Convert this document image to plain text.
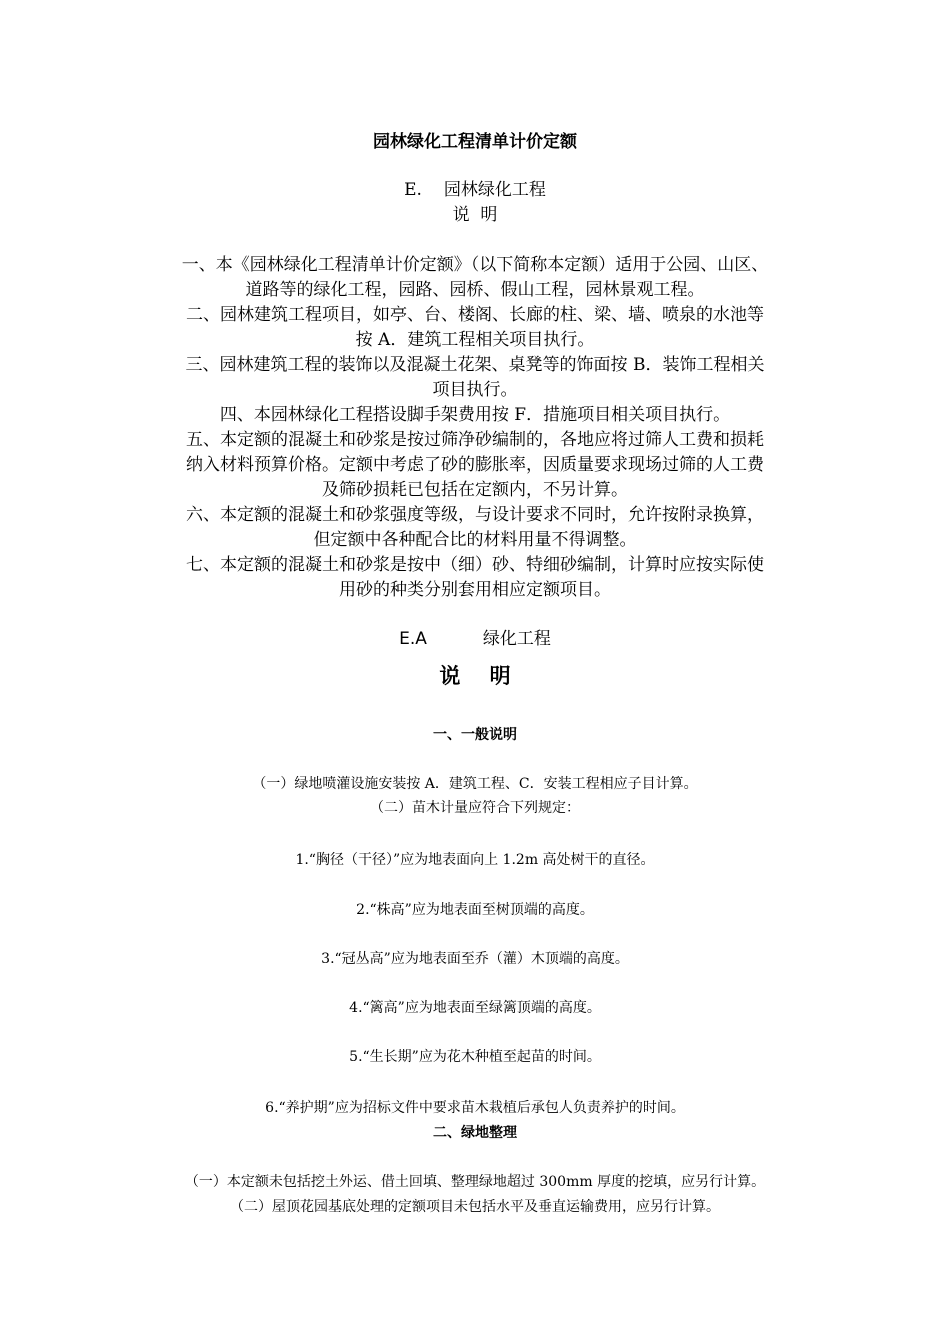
园林绿化工程清单计价定额
E. 园林绿化工程
说  明
一、本《园林绿化工程清单计价定额》（以下简称本定额）适用于公园、山区、
道路等的绿化工程，园路、园桥、假山工程，园林景观工程。
二、园林建筑工程项目，如亭、台、楼阁、长廊的柱、梁、墙、喷泉的水池等
按 A．建筑工程相关项目执行。
三、园林建筑工程的装饰以及混凝土花架、桌凳等的饰面按 B．装饰工程相关
项目执行。
四、本园林绿化工程搭设脚手架费用按 F．措施项目相关项目执行。
五、本定额的混凝土和砂浆是按过筛净砂编制的，各地应将过筛人工费和损耗
纳入材料预算价格。定额中考虑了砂的膨胀率，因质量要求现场过筛的人工费
及筛砂损耗已包括在定额内，不另计算。
六、本定额的混凝土和砂浆强度等级，与设计要求不同时，允许按附录换算，
但定额中各种配合比的材料用量不得调整。
七、本定额的混凝土和砂浆是按中（细）砂、特细砂编制，计算时应按实际使
用砂的种类分别套用相应定额项目。
E.A	绿化工程
说    明
一、一般说明
（一）绿地喷灌设施安装按 A．建筑工程、C．安装工程相应子目计算。
（二）苗木计量应符合下列规定：
1.“胸径（干径）”应为地表面向上 1.2m 高处树干的直径。
2.“株高”应为地表面至树顶端的高度。
3.“冠丛高”应为地表面至乔（灌）木顶端的高度。
4.“篱高”应为地表面至绿篱顶端的高度。
5.“生长期”应为花木种植至起苗的时间。
6.“养护期”应为招标文件中要求苗木栽植后承包人负责养护的时间。
二、绿地整理
（一）本定额未包括挖土外运、借土回填、整理绿地超过 300mm 厚度的挖填，应另行计算。
（二）屋顶花园基底处理的定额项目未包括水平及垂直运输费用，应另行计算。
